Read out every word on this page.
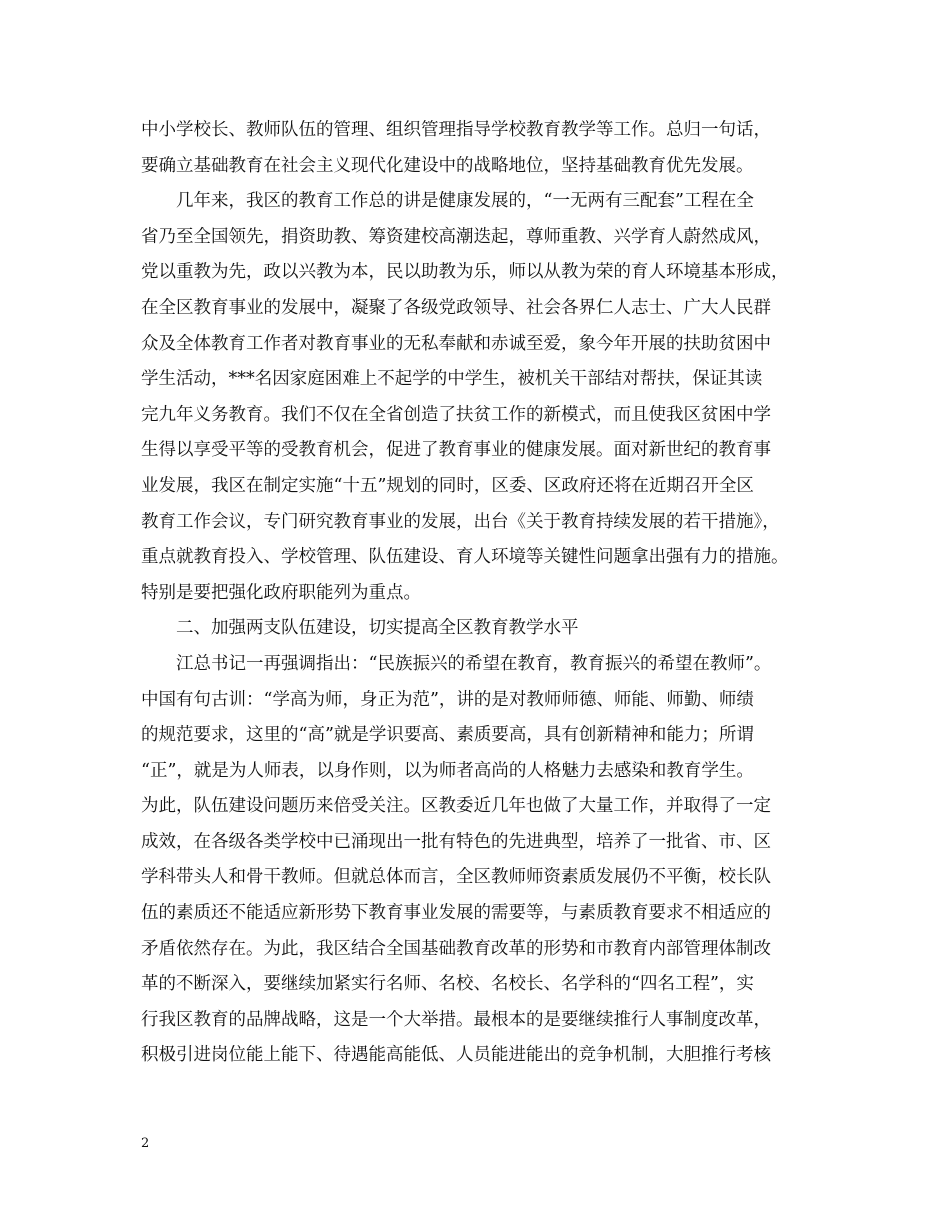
中小学校长、教师队伍的管理、组织管理指导学校教育教学等工作。总归一句话，
要确立基础教育在社会主义现代化建设中的战略地位，坚持基础教育优先发展。
几年来，我区的教育工作总的讲是健康发展的，“一无两有三配套”工程在全
省乃至全国领先，捐资助教、筹资建校高潮迭起，尊师重教、兴学育人蔚然成风，
党以重教为先，政以兴教为本，民以助教为乐，师以从教为荣的育人环境基本形成，
在全区教育事业的发展中，凝聚了各级党政领导、社会各界仁人志士、广大人民群
众及全体教育工作者对教育事业的无私奉献和赤诚至爱，象今年开展的扶助贫困中
学生活动，***名因家庭困难上不起学的中学生，被机关干部结对帮扶，保证其读
完九年义务教育。我们不仅在全省创造了扶贫工作的新模式，而且使我区贫困中学
生得以享受平等的受教育机会，促进了教育事业的健康发展。面对新世纪的教育事
业发展，我区在制定实施“十五”规划的同时，区委、区政府还将在近期召开全区
教育工作会议，专门研究教育事业的发展，出台《关于教育持续发展的若干措施》，
重点就教育投入、学校管理、队伍建设、育人环境等关键性问题拿出强有力的措施。
特别是要把强化政府职能列为重点。
二、加强两支队伍建设，切实提高全区教育教学水平
江总书记一再强调指出：“民族振兴的希望在教育，教育振兴的希望在教师”。
中国有句古训：“学高为师，身正为范”，讲的是对教师师德、师能、师勤、师绩
的规范要求，这里的“高”就是学识要高、素质要高，具有创新精神和能力；所谓
“正”，就是为人师表，以身作则，以为师者高尚的人格魅力去感染和教育学生。
为此，队伍建设问题历来倍受关注。区教委近几年也做了大量工作，并取得了一定
成效，在各级各类学校中已涌现出一批有特色的先进典型，培养了一批省、市、区
学科带头人和骨干教师。但就总体而言，全区教师师资素质发展仍不平衡，校长队
伍的素质还不能适应新形势下教育事业发展的需要等，与素质教育要求不相适应的
矛盾依然存在。为此，我区结合全国基础教育改革的形势和市教育内部管理体制改
革的不断深入，要继续加紧实行名师、名校、名校长、名学科的“四名工程”，实
行我区教育的品牌战略，这是一个大举措。最根本的是要继续推行人事制度改革，
积极引进岗位能上能下、待遇能高能低、人员能进能出的竞争机制，大胆推行考核
2
